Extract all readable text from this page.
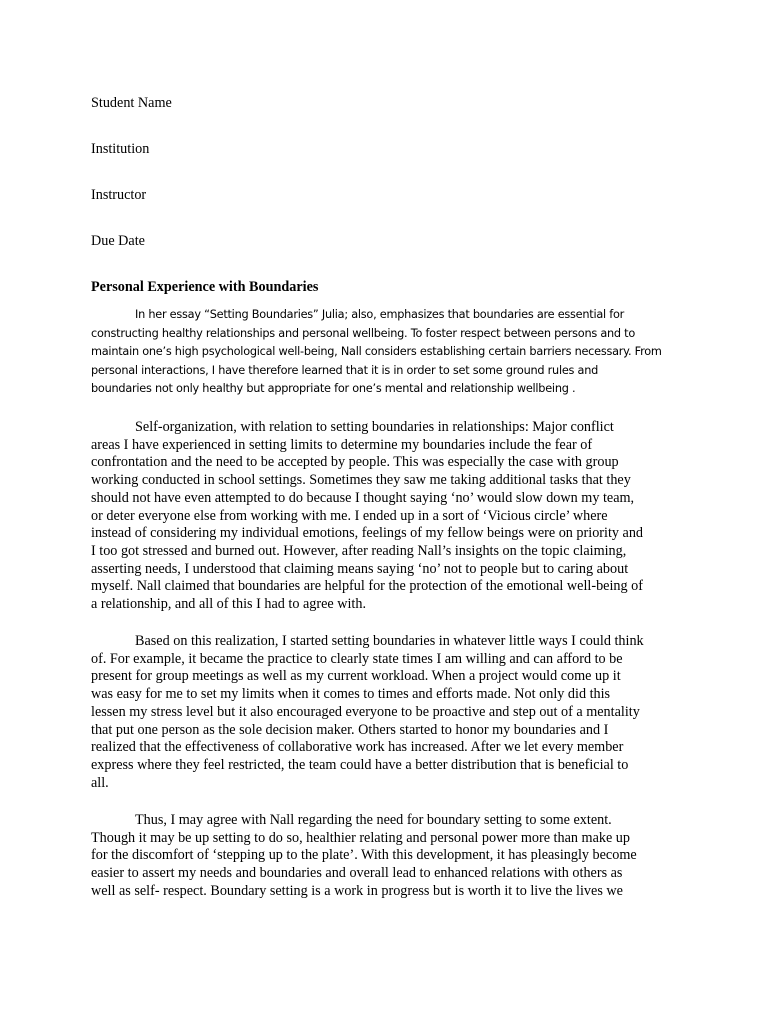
Student Name
Institution
Instructor
Due Date
Personal Experience with Boundaries
In her essay “Setting Boundaries” Julia; also, emphasizes that boundaries are essential for
constructing healthy relationships and personal wellbeing. To foster respect between persons and to
maintain one’s high psychological well-being, Nall considers establishing certain barriers necessary. From
personal interactions, I have therefore learned that it is in order to set some ground rules and
boundaries not only healthy but appropriate for one’s mental and relationship wellbeing .
Self-organization, with relation to setting boundaries in relationships: Major conflict
areas I have experienced in setting limits to determine my boundaries include the fear of
confrontation and the need to be accepted by people. This was especially the case with group
working conducted in school settings. Sometimes they saw me taking additional tasks that they
should not have even attempted to do because I thought saying ‘no’ would slow down my team,
or deter everyone else from working with me. I ended up in a sort of ‘Vicious circle’ where
instead of considering my individual emotions, feelings of my fellow beings were on priority and
I too got stressed and burned out. However, after reading Nall’s insights on the topic claiming,
asserting needs, I understood that claiming means saying ‘no’ not to people but to caring about
myself. Nall claimed that boundaries are helpful for the protection of the emotional well-being of
a relationship, and all of this I had to agree with.
Based on this realization, I started setting boundaries in whatever little ways I could think
of. For example, it became the practice to clearly state times I am willing and can afford to be
present for group meetings as well as my current workload. When a project would come up it
was easy for me to set my limits when it comes to times and efforts made. Not only did this
lessen my stress level but it also encouraged everyone to be proactive and step out of a mentality
that put one person as the sole decision maker. Others started to honor my boundaries and I
realized that the effectiveness of collaborative work has increased. After we let every member
express where they feel restricted, the team could have a better distribution that is beneficial to
all.
Thus, I may agree with Nall regarding the need for boundary setting to some extent.
Though it may be up setting to do so, healthier relating and personal power more than make up
for the discomfort of ‘stepping up to the plate’. With this development, it has pleasingly become
easier to assert my needs and boundaries and overall lead to enhanced relations with others as
well as self- respect. Boundary setting is a work in progress but is worth it to live the lives we
